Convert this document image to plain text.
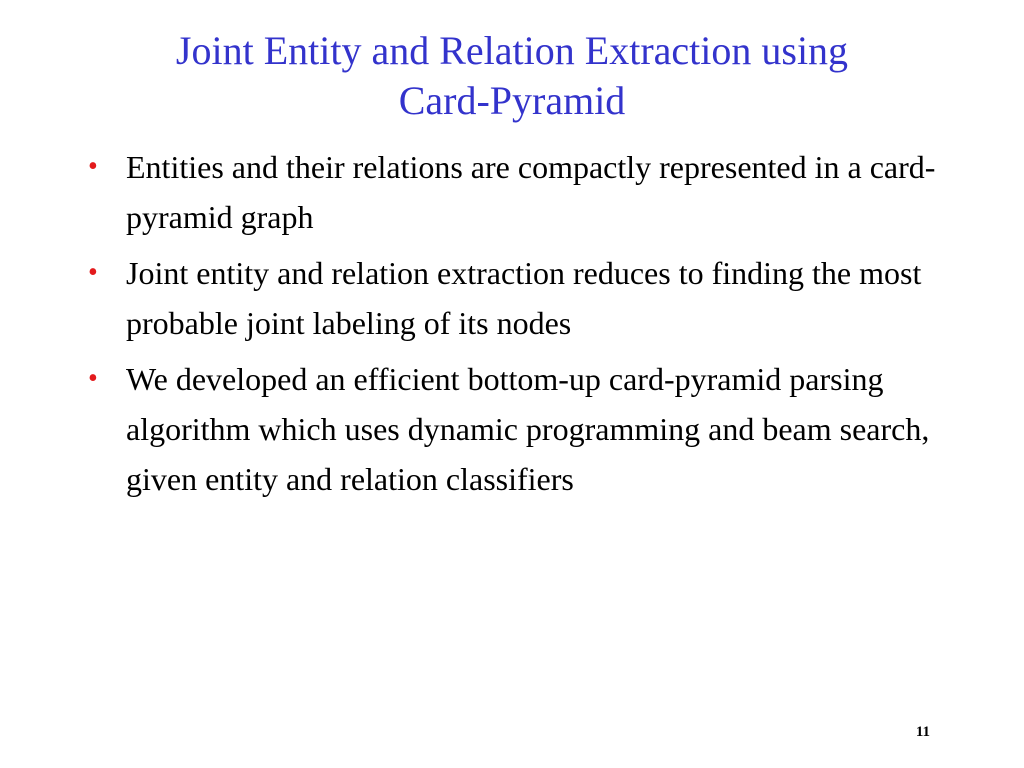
Joint Entity and Relation Extraction using
Card-Pyramid
• Entities and their relations are compactly represented in a card-pyramid graph
• Joint entity and relation extraction reduces to finding the most probable joint labeling of its nodes
• We developed an efficient bottom-up card-pyramid parsing algorithm which uses dynamic programming and beam search, given entity and relation classifiers
11
